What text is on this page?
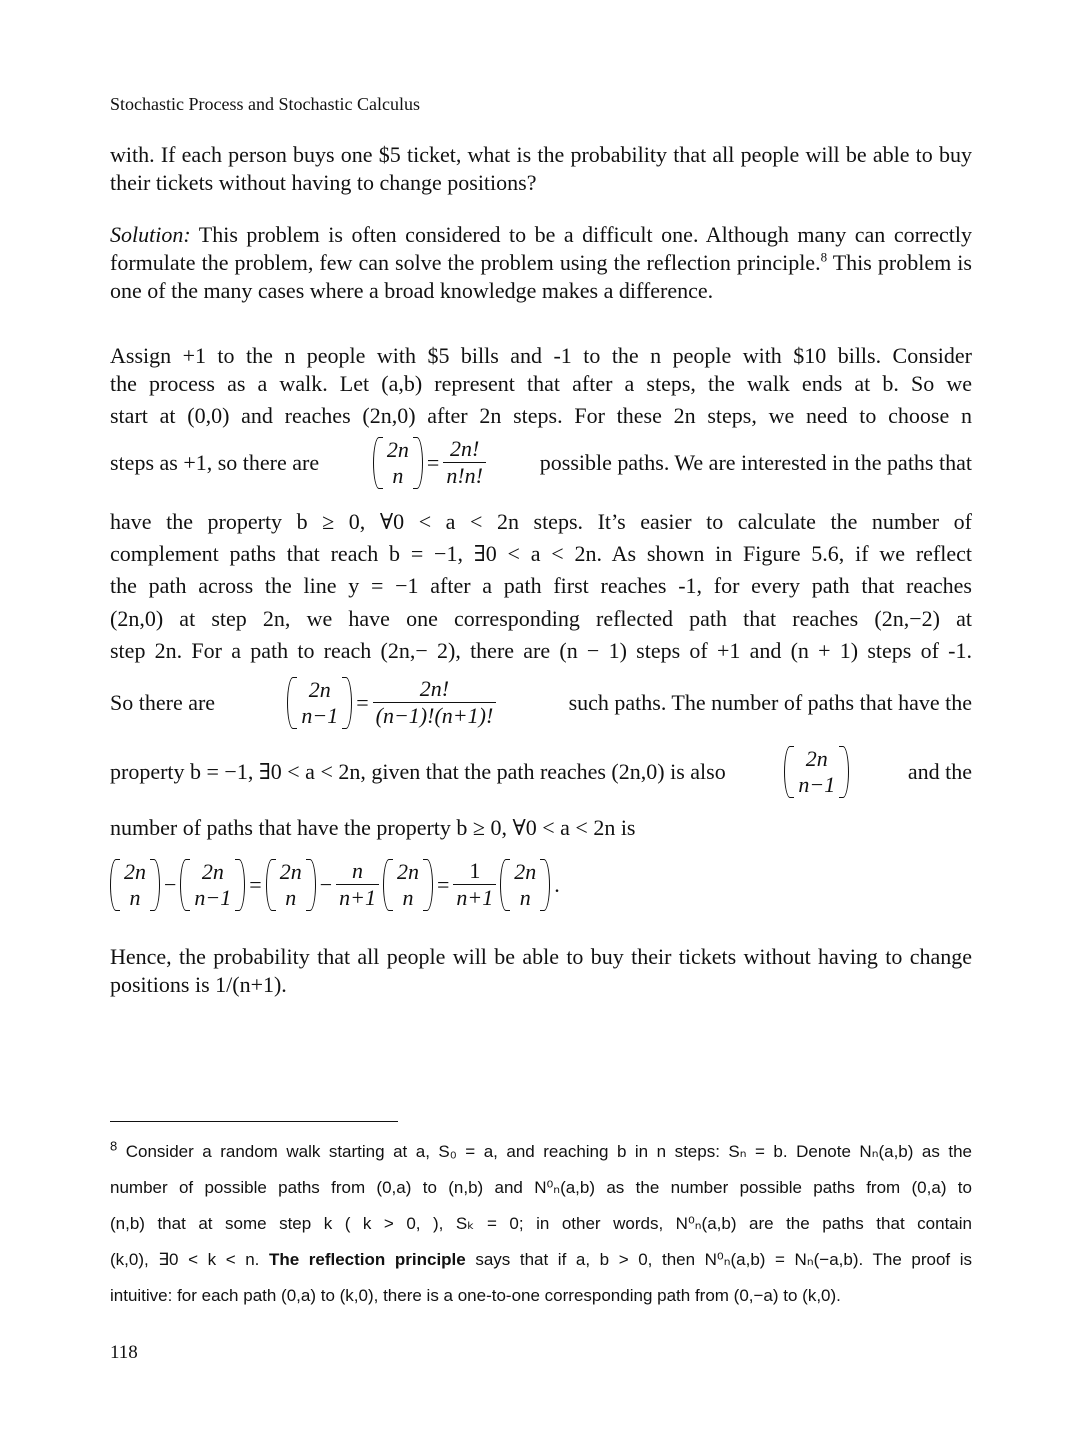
Stochastic Process and Stochastic Calculus
with. If each person buys one $5 ticket, what is the probability that all people will be able to buy their tickets without having to change positions?
Solution: This problem is often considered to be a difficult one. Although many can correctly formulate the problem, few can solve the problem using the reflection principle.$^8$ This problem is one of the many cases where a broad knowledge makes a difference.
Assign +1 to the n people with $5 bills and -1 to the n people with $10 bills. Consider
the process as a walk. Let (a,b) represent that after a steps, the walk ends at b. So we
start at (0,0) and reaches (2n,0) after 2n steps. For these 2n steps, we need to choose n
steps as +1, so there are
2n
n
= $\frac{2n!}{n!n!}$ possible paths. We are interested in the paths that
have the property b ≥ 0, ∀0 < a < 2n steps. It’s easier to calculate the number of
complement paths that reach b = −1, ∃0 < a < 2n. As shown in Figure 5.6, if we reflect
the path across the line y = −1 after a path first reaches -1, for every path that reaches
(2n,0) at step 2n, we have one corresponding reflected path that reaches (2n,−2) at
step 2n. For a path to reach (2n,− 2), there are (n − 1) steps of +1 and (n + 1) steps of -1.
So there are
2n
n−1
= $\frac{2n!}{(n-1)!(n+1)!}$	such paths. The number of paths that have the
property b = −1, ∃0 < a < 2n, given that the path reaches (2n,0) is also
2n
n−1
and the
number of paths that have the property b ≥ 0, ∀0 < a < 2n is
2n
n
−
2n
n−1
=
2n
n
− $\frac{n}{n+1} 2n$
n
= $\frac{1}{n+1} 2n$
n
.
Hence, the probability that all people will be able to buy their tickets without having to change positions is 1/(n+1).
$^8$ Consider a random walk starting at a, S₀ = a, and reaching b in n steps: Sₙ = b. Denote Nₙ(a,b) as the
number of possible paths from (0,a) to (n,b) and N⁰ₙ(a,b) as the number possible paths from (0,a) to
(n,b) that at some step k ( k > 0, ), Sₖ = 0; in other words, N⁰ₙ(a,b) are the paths that contain
(k,0), ∃0 < k < n. The reflection principle says that if a, b > 0, then N⁰ₙ(a,b) = Nₙ(−a,b). The proof is
intuitive: for each path (0,a) to (k,0), there is a one-to-one corresponding path from (0,−a) to (k,0).
118
